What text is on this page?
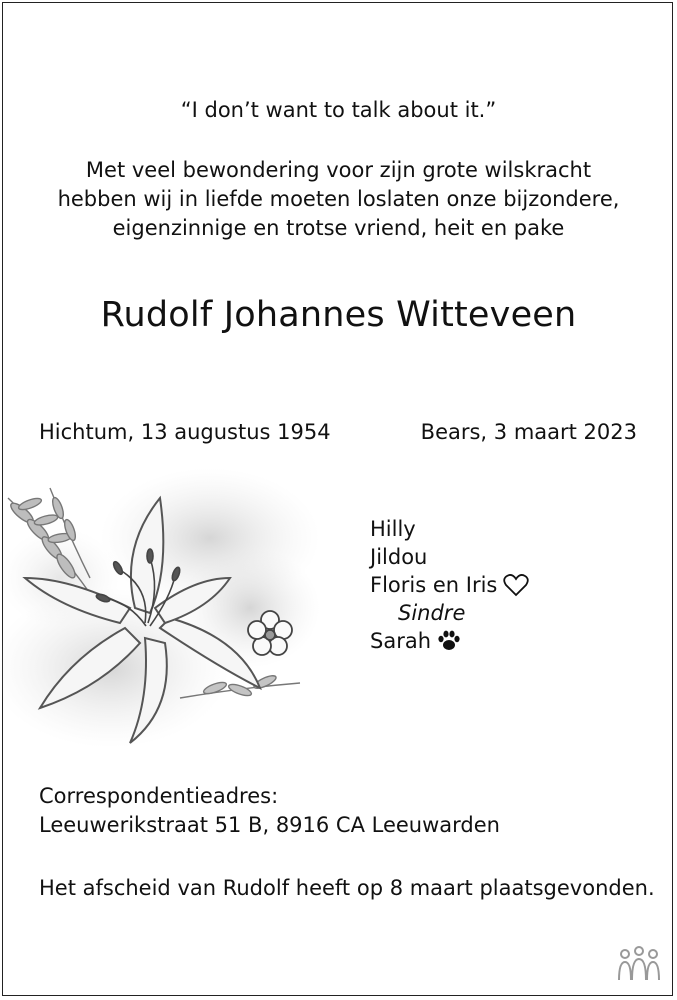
“I don’t want to talk about it.”
Met veel bewondering voor zijn grote wilskracht
hebben wij in liefde moeten loslaten onze bijzondere,
eigenzinnige en trotse vriend, heit en pake
Rudolf Johannes Witteveen
Hichtum, 13 augustus 1954	Bears, 3 maart 2023
Hilly
Jildou
Floris en Iris
Sindre
Sarah
Correspondentieadres:
Leeuwerikstraat 51 B, 8916 CA Leeuwarden
Het afscheid van Rudolf heeft op 8 maart plaatsgevonden.
